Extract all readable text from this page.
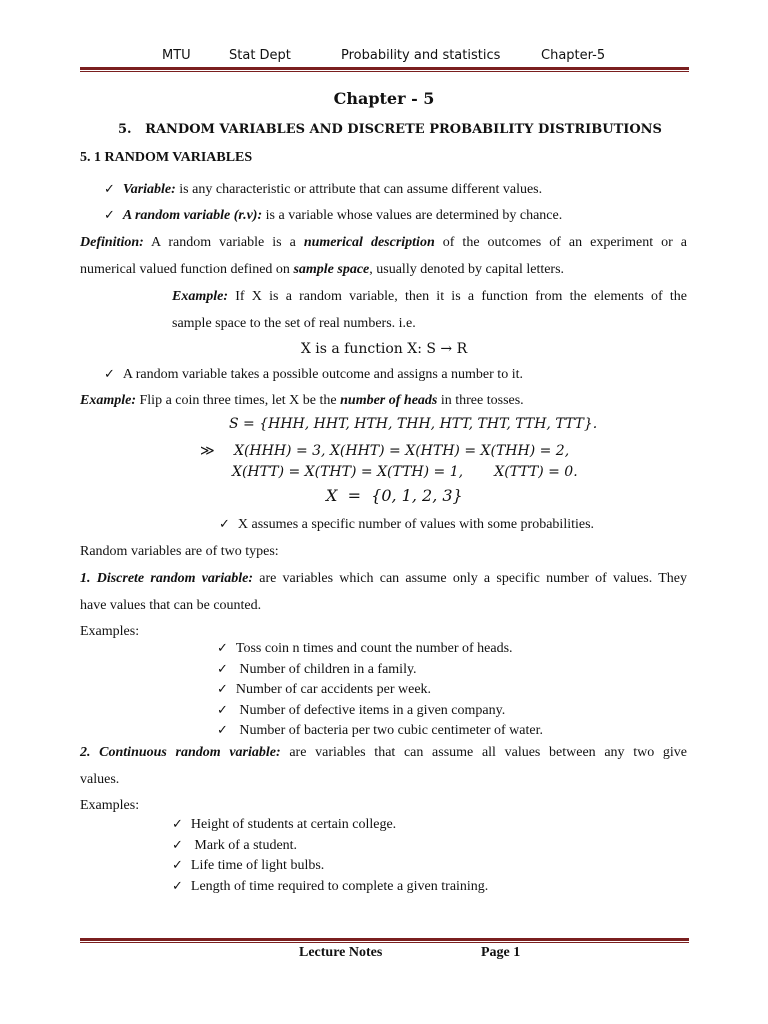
MTU	Stat Dept	Probability and statistics	Chapter-5
Chapter - 5
5.   RANDOM VARIABLES AND DISCRETE PROBABILITY DISTRIBUTIONS
5. 1 RANDOM VARIABLES
✓ Variable: is any characteristic or attribute that can assume different values.
✓ A random variable (r.v): is a variable whose values are determined by chance.
Definition: A random variable is a numerical description of the outcomes of an experiment or a
numerical valued function defined on sample space, usually denoted by capital letters.
Example: If X is a random variable, then it is a function from the elements of the
sample space to the set of real numbers. i.e.
X is a function X: S → R
✓ A random variable takes a possible outcome and assigns a number to it.
Example: Flip a coin three times, let X be the number of heads in three tosses.
S = {HHH, HHT, HTH, THH, HTT, THT, TTH, TTT}.
≫ X(HHH) = 3, X(HHT) = X(HTH) = X(THH) = 2,
X(HTT) = X(THT) = X(TTH) = 1,       X(TTT) = 0.
X  =  {0, 1, 2, 3}
✓ X assumes a specific number of values with some probabilities.
Random variables are of two types:
1. Discrete random variable: are variables which can assume only a specific number of values. They
have values that can be counted.
Examples:
✓ Toss coin n times and count the number of heads.
✓ Number of children in a family.
✓ Number of car accidents per week.
✓ Number of defective items in a given company.
✓ Number of bacteria per two cubic centimeter of water.
2. Continuous random variable: are variables that can assume all values between any two give
values.
Examples:
✓ Height of students at certain college.
✓ Mark of a student.
✓ Life time of light bulbs.
✓ Length of time required to complete a given training.
Lecture Notes	Page 1
